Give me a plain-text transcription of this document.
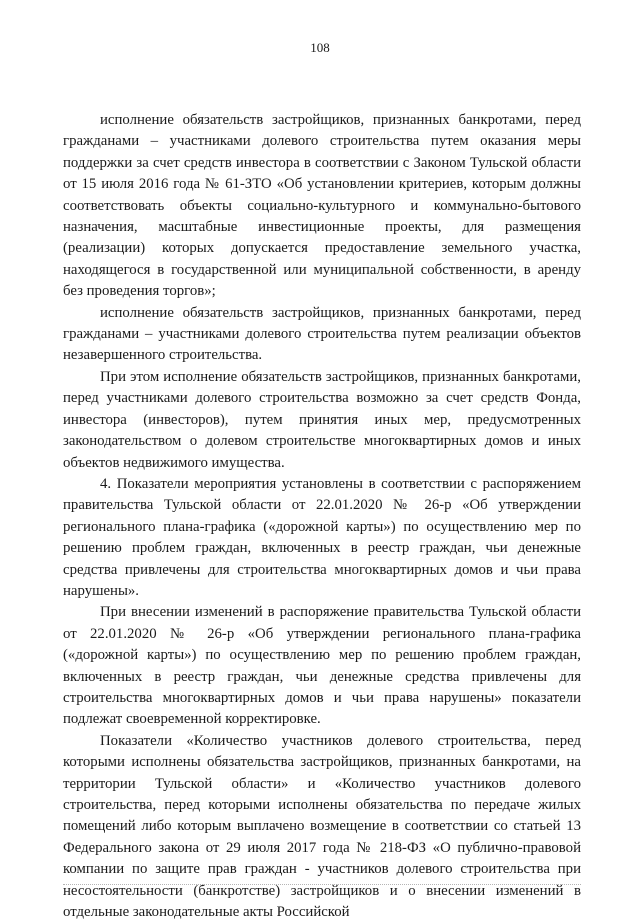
108

исполнение обязательств застройщиков, признанных банкротами, перед гражданами – участниками долевого строительства путем оказания меры поддержки за счет средств инвестора в соответствии с Законом Тульской области от 15 июля 2016 года № 61-ЗТО «Об установлении критериев, которым должны соответствовать объекты социально-культурного и коммунально-бытового назначения, масштабные инвестиционные проекты, для размещения (реализации) которых допускается предоставление земельного участка, находящегося в государственной или муниципальной собственности, в аренду без проведения торгов»;

исполнение обязательств застройщиков, признанных банкротами, перед гражданами – участниками долевого строительства путем реализации объектов незавершенного строительства.

При этом исполнение обязательств застройщиков, признанных банкротами, перед участниками долевого строительства возможно за счет средств Фонда, инвестора (инвесторов), путем принятия иных мер, предусмотренных законодательством о долевом строительстве многоквартирных домов и иных объектов недвижимого имущества.

4. Показатели мероприятия установлены в соответствии с распоряжением правительства Тульской области от 22.01.2020 № 26-р «Об утверждении регионального плана-графика («дорожной карты») по осуществлению мер по решению проблем граждан, включенных в реестр граждан, чьи денежные средства привлечены для строительства многоквартирных домов и чьи права нарушены».

При внесении изменений в распоряжение правительства Тульской области от 22.01.2020 № 26-р «Об утверждении регионального плана-графика («дорожной карты») по осуществлению мер по решению проблем граждан, включенных в реестр граждан, чьи денежные средства привлечены для строительства многоквартирных домов и чьи права нарушены» показатели подлежат своевременной корректировке.

Показатели «Количество участников долевого строительства, перед которыми исполнены обязательства застройщиков, признанных банкротами, на территории Тульской области» и «Количество участников долевого строительства, перед которыми исполнены обязательства по передаче жилых помещений либо которым выплачено возмещение в соответствии со статьей 13 Федерального закона от 29 июля 2017 года № 218-ФЗ «О публично-правовой компании по защите прав граждан - участников долевого строительства при несостоятельности (банкротстве) застройщиков и о внесении изменений в отдельные законодательные акты Российской
